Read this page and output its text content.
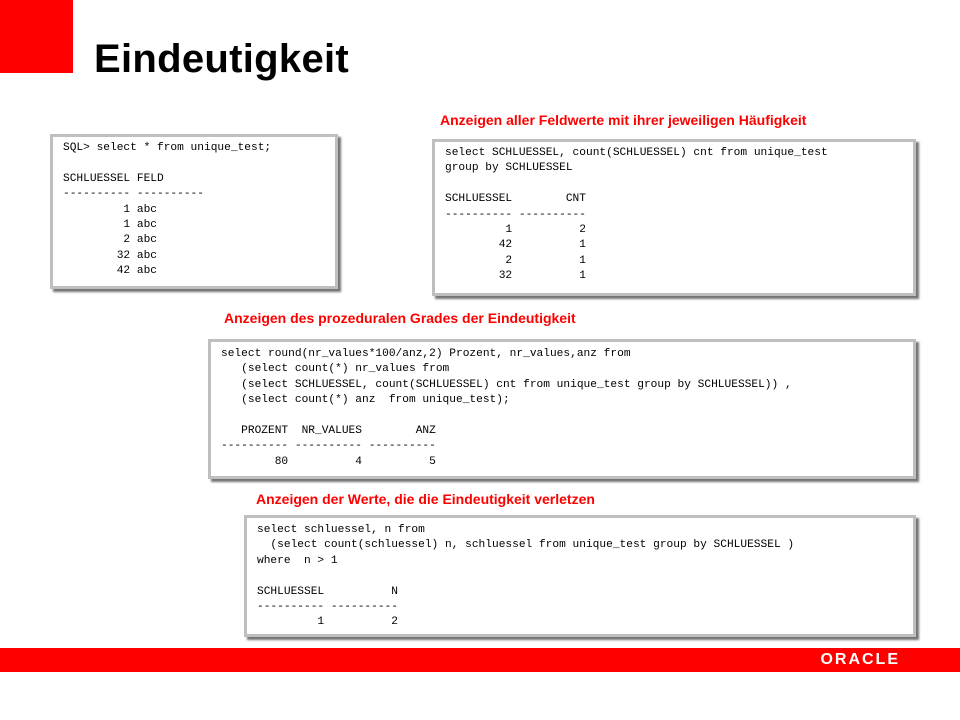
Eindeutigkeit
SQL> select * from unique_test;

SCHLUESSEL FELD
---------- ----------
1 abc
1 abc
2 abc
32 abc
42 abc

Anzeigen aller Feldwerte mit ihrer jeweiligen Häufigkeit

select SCHLUESSEL, count(SCHLUESSEL) cnt from unique_test
group by SCHLUESSEL

SCHLUESSEL        CNT
---------- ----------
1          2
42          1
2          1
32          1

Anzeigen des prozeduralen Grades der Eindeutigkeit

select round(nr_values*100/anz,2) Prozent, nr_values,anz from
(select count(*) nr_values from
(select SCHLUESSEL, count(SCHLUESSEL) cnt from unique_test group by SCHLUESSEL)) ,
(select count(*) anz  from unique_test);

PROZENT  NR_VALUES        ANZ
---------- ---------- ----------
80          4          5

Anzeigen der Werte, die die Eindeutigkeit verletzen

select schluessel, n from
(select count(schluessel) n, schluessel from unique_test group by SCHLUESSEL )
where  n > 1

SCHLUESSEL          N
---------- ----------
1          2
ORACLE
